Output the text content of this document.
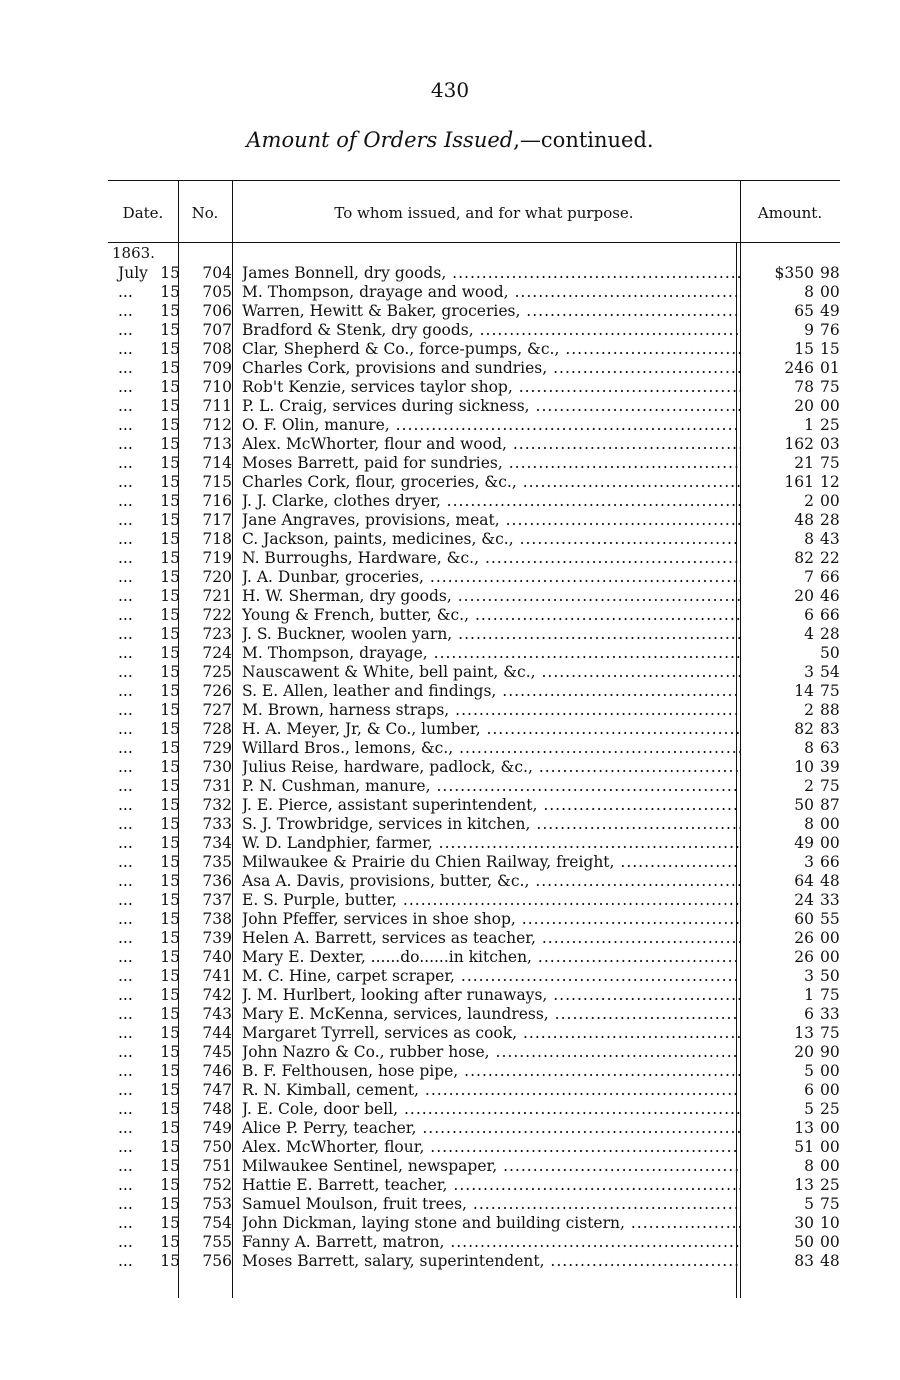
430
Amount of Orders Issued,—continued.
Date.	No.	To whom issued, and for what purpose.	Amount.
1863.
July 15	704 James Bonnell, dry goods, .....	$350 98
...	15	705 M. Thompson, drayage and wood, .....	8 00
...	15	706 Warren, Hewitt & Baker, groceries, .....	65 49
...	15	707 Bradford & Stenk, dry goods, .....	9 76
...	15	708 Clar, Shepherd & Co., force-pumps, &c., .....	15 15
...	15	709 Charles Cork, provisions and sundries, .....	246 01
...	15	710 Rob't Kenzie, services taylor shop, .....	78 75
...	15	711 P. L. Craig, services during sickness, .....	20 00
...	15	712 O. F. Olin, manure, .....	1 25
...	15	713 Alex. McWhorter, flour and wood, .....	162 03
...	15	714 Moses Barrett, paid for sundries, .....	21 75
...	15	715 Charles Cork, flour, groceries, &c., .....	161 12
...	15	716 J. J. Clarke, clothes dryer, .....	2 00
...	15	717 Jane Angraves, provisions, meat, .....	48 28
...	15	718 C. Jackson, paints, medicines, &c., .....	8 43
...	15	719 N. Burroughs, Hardware, &c., .....	82 22
...	15	720 J. A. Dunbar, groceries, .....	7 66
...	15	721 H. W. Sherman, dry goods, .....	20 46
...	15	722 Young & French, butter, &c., .....	6 66
...	15	723 J. S. Buckner, woolen yarn, .....	4 28
...	15	724 M. Thompson, drayage, .....	50
...	15	725 Nauscawent & White, bell paint, &c., .....	3 54
...	15	726 S. E. Allen, leather and findings, .....	14 75
...	15	727 M. Brown, harness straps, .....	2 88
...	15	728 H. A. Meyer, Jr, & Co., lumber, .....	82 83
...	15	729 Willard Bros., lemons, &c., .....	8 63
...	15	730 Julius Reise, hardware, padlock, &c., .....	10 39
...	15	731 P. N. Cushman, manure, .....	2 75
...	15	732 J. E. Pierce, assistant superintendent, .....	50 87
...	15	733 S. J. Trowbridge, services in kitchen, .....	8 00
...	15	734 W. D. Landphier, farmer, .....	49 00
...	15	735 Milwaukee & Prairie du Chien Railway, freight, .....	3 66
...	15	736 Asa A. Davis, provisions, butter, &c., .....	64 48
...	15	737 E. S. Purple, butter, .....	24 33
...	15	738 John Pfeffer, services in shoe shop, .....	60 55
...	15	739 Helen A. Barrett, services as teacher, .....	26 00
...	15	740 Mary E. Dexter, ......do......in kitchen, .....	26 00
...	15	741 M. C. Hine, carpet scraper, .....	3 50
...	15	742 J. M. Hurlbert, looking after runaways, .....	1 75
...	15	743 Mary E. McKenna, services, laundress, .....	6 33
...	15	744 Margaret Tyrrell, services as cook, .....	13 75
...	15	745 John Nazro & Co., rubber hose, .....	20 90
...	15	746 B. F. Felthousen, hose pipe, .....	5 00
...	15	747 R. N. Kimball, cement, .....	6 00
...	15	748 J. E. Cole, door bell, .....	5 25
...	15	749 Alice P. Perry, teacher, .....	13 00
...	15	750 Alex. McWhorter, flour, .....	51 00
...	15	751 Milwaukee Sentinel, newspaper, .....	8 00
...	15	752 Hattie E. Barrett, teacher, .....	13 25
...	15	753 Samuel Moulson, fruit trees, .....	5 75
...	15	754 John Dickman, laying stone and building cistern, .....	30 10
...	15	755 Fanny A. Barrett, matron, .....	50 00
...	15	756 Moses Barrett, salary, superintendent, .....	83 48
